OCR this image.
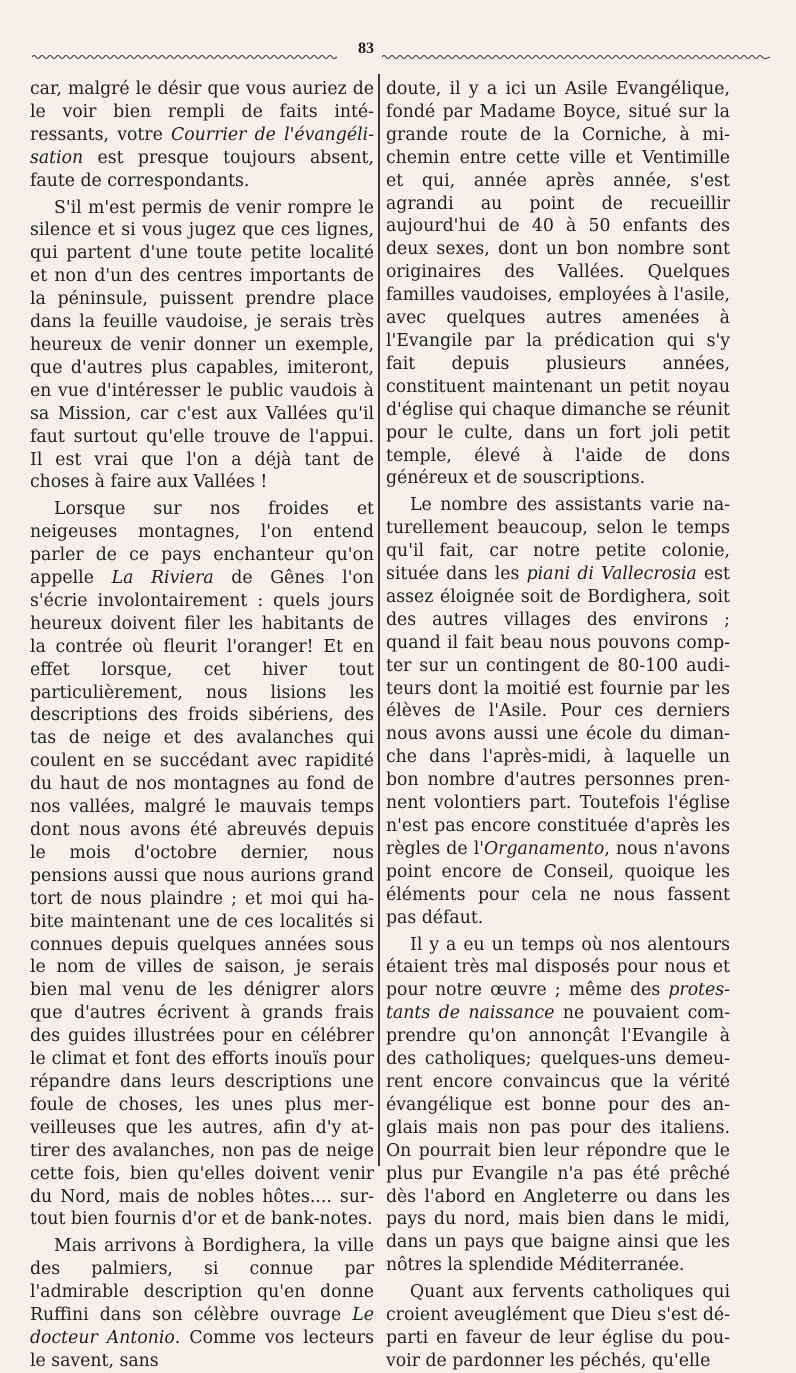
83

car, malgré le désir que vous auriez de le voir bien rempli de faits intéressants, votre Courrier de l'évangélisation est presque toujours absent, faute de correspondants.

S'il m'est permis de venir rompre le silence et si vous jugez que ces lignes, qui partent d'une toute petite localité et non d'un des centres importants de la péninsule, puissent prendre place dans la feuille vaudoise, je serais très heureux de venir donner un exemple, que d'autres plus capables, imiteront, en vue d'intéresser le public vaudois à sa Mission, car c'est aux Vallées qu'il faut surtout qu'elle trouve de l'appui. Il est vrai que l'on a déjà tant de choses à faire aux Vallées !

Lorsque sur nos froides et neigeuses montagnes, l'on entend parler de ce pays enchanteur qu'on appelle La Riviera de Gênes l'on s'écrie involontairement : quels jours heureux doivent filer les habitants de la contrée où fleurit l'oranger! Et en effet lorsque, cet hiver tout particulièrement, nous lisions les descriptions des froids sibériens, des tas de neige et des avalanches qui coulent en se succédant avec rapidité du haut de nos montagnes au fond de nos vallées, malgré le mauvais temps dont nous avons été abreuvés depuis le mois d'octobre dernier, nous pensions aussi que nous aurions grand tort de nous plaindre ; et moi qui habite maintenant une de ces localités si connues depuis quelques années sous le nom de villes de saison, je serais bien mal venu de les dénigrer alors que d'autres écrivent à grands frais des guides illustrées pour en célébrer le climat et font des efforts inouïs pour répandre dans leurs descriptions une foule de choses, les unes plus merveilleuses que les autres, afin d'y attirer des avalanches, non pas de neige cette fois, bien qu'elles doivent venir du Nord, mais de nobles hôtes.... surtout bien fournis d'or et de bank-notes.

Mais arrivons à Bordighera, la ville des palmiers, si connue par l'admirable description qu'en donne Ruffini dans son célèbre ouvrage Le docteur Antonio. Comme vos lecteurs le savent, sans

doute, il y a ici un Asile Evangélique, fondé par Madame Boyce, situé sur la grande route de la Corniche, à mi-chemin entre cette ville et Ventimille et qui, année après année, s'est agrandi au point de recueillir aujourd'hui de 40 à 50 enfants des deux sexes, dont un bon nombre sont originaires des Vallées. Quelques familles vaudoises, employées à l'asile, avec quelques autres amenées à l'Evangile par la prédication qui s'y fait depuis plusieurs années, constituent maintenant un petit noyau d'église qui chaque dimanche se réunit pour le culte, dans un fort joli petit temple, élevé à l'aide de dons généreux et de souscriptions.

Le nombre des assistants varie naturellement beaucoup, selon le temps qu'il fait, car notre petite colonie, située dans les piani di Vallecrosia est assez éloignée soit de Bordighera, soit des autres villages des environs ; quand il fait beau nous pouvons compter sur un contingent de 80-100 auditeurs dont la moitié est fournie par les élèves de l'Asile. Pour ces derniers nous avons aussi une école du dimanche dans l'après-midi, à laquelle un bon nombre d'autres personnes prennent volontiers part. Toutefois l'église n'est pas encore constituée d'après les règles de l'Organamento, nous n'avons point encore de Conseil, quoique les éléments pour cela ne nous fassent pas défaut.

Il y a eu un temps où nos alentours étaient très mal disposés pour nous et pour notre œuvre ; même des protestants de naissance ne pouvaient comprendre qu'on annonçât l'Evangile à des catholiques; quelques-uns demeurent encore convaincus que la vérité évangélique est bonne pour des anglais mais non pas pour des italiens. On pourrait bien leur répondre que le plus pur Evangile n'a pas été prêché dès l'abord en Angleterre ou dans les pays du nord, mais bien dans le midi, dans un pays que baigne ainsi que les nôtres la splendide Méditerranée.

Quant aux fervents catholiques qui croient aveuglément que Dieu s'est départi en faveur de leur église du pouvoir de pardonner les péchés, qu'elle
